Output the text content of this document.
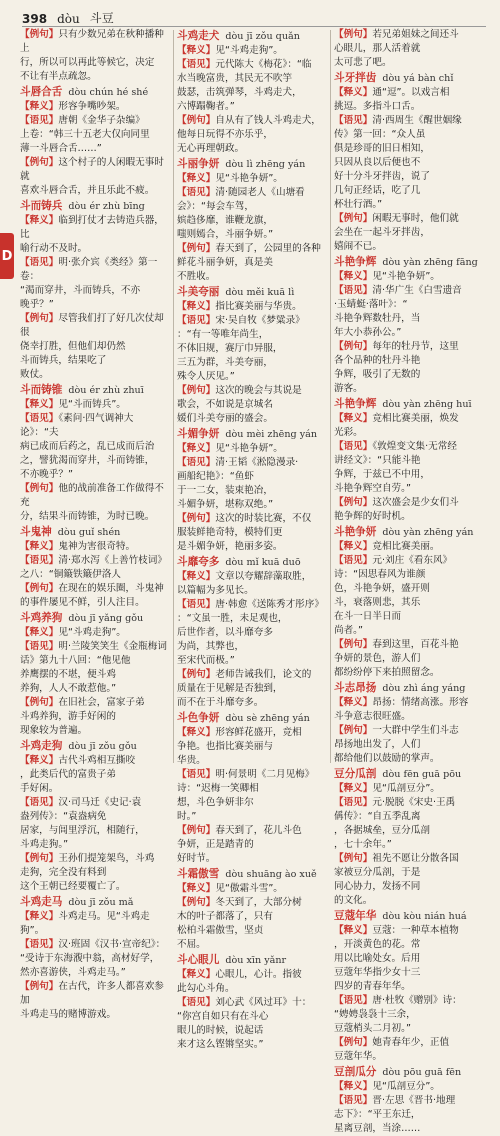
398 dòu 斗豆
D
【例句】只有少数兄弟在秋种播种上
行，所以可以再此等候它，决定
不让有半点疏忽。
斗唇合舌 dòu chún hé shé
【释义】形容争嘴吵架。
【语见】唐朝《金华子杂编》
上卷：“韩三十五老大仅向同里
薄一斗唇合舌……”
【例句】这个村子的人闲暇无事时就
喜欢斗唇合舌，并且乐此不疲。
斗而铸兵 dòu ér zhù bīng
【释义】临到打仗才去铸造兵器，比
喻行动不及时。
【语见】明·张介宾《类经》第一卷：
“渴而穿井，斗而铸兵，不亦
晚乎？”
【例句】尽管我们打了好几次仗却很
侥幸打胜，但他们却仍然
斗而铸兵，结果吃了
败仗。
斗而铸锥 dòu ér zhù zhuī
【释义】见“斗而铸兵”。
【语见】《素问·四气调神大论》：“夫
病已成而后药之，乱已成而后治
之，譬犹渴而穿井，斗而铸锥，
不亦晚乎？”
【例句】他的战前准备工作做得不充
分，结果斗而铸锥，为时已晚。
斗鬼神 dòu guǐ shén
【释义】鬼神为害很奇特。
【语见】清·郑水泻《上善竹枝词》
之八：“铜簸铁簸伊洛人
【例句】在现在的娱乐圈，斗鬼神
的事件屡见不鲜，引人注目。
斗鸡养狗 dòu jī yǎng gǒu
【释义】见“斗鸡走狗”。
【语见】明·兰陵笑笑生《金瓶梅词
话》第九十八回：“他见他
养鹰摆的不堪，便斗鸡
养狗，人人不敢惹他。”
【例句】在旧社会，富家子弟
斗鸡养狗，游手好闲的
现象较为普遍。
斗鸡走狗 dòu jī zǒu gǒu
【释义】古代斗鸡相互撕咬
，此类后代的富贵子弟
手好闲。
【语见】汉·司马迁《史记·袁
盎列传》：“袁盎病免
居家，与闾里浮沉，相随行，
斗鸡走狗。”
【例句】王孙们提笼架鸟，斗鸡
走狗，完全没有料到
这个王朝已经要覆亡了。
斗鸡走马 dòu jī zǒu mǎ
【释义】斗鸡走马。见“斗鸡走
狗”。
【语见】汉·班固《汉书·宣帝纪》：
“受诗于东海澓中翁，高材好学，
然亦喜游侠，斗鸡走马。”
【例句】在古代，许多人都喜欢参加
斗鸡走马的赌博游戏。
斗鸡走犬 dòu jī zǒu quǎn
【释义】见“斗鸡走狗”。
【语见】元代陈大《梅花》：“临
水当晚富贵，其民无不吹竽
鼓瑟，击筑弹琴，斗鸡走犬，
六博蹋鞠者。”
【例句】自从有了钱人斗鸡走犬，
他每日玩得不亦乐乎，
无心再理朝政。
斗丽争妍 dòu lì zhēng yán
【释义】见“斗艳争妍”。
【语见】清·随园老人《山塘看
会》：“每会车驾，
嫔趋侈靡，谁鞭龙旗，
嗤则嫣合，斗丽争妍。”
【例句】春天到了，公园里的各种
鲜花斗丽争妍，真是美
不胜收。
斗美夸丽 dòu měi kuā lì
【释义】指比赛美丽与华贵。
【语见】宋·吴自牧《梦粱录》
：“有一等唯年尚生，
不体旧规，赛厅巾异服，
三五为群，斗美夸丽，
殊令人厌见。”
【例句】这次的晚会与其说是
歌会，不如说是京城名
媛们斗美夸丽的盛会。
斗媚争妍 dòu mèi zhēng yán
【释义】见“斗艳争妍”。
【语见】清·王韬《淞隐漫录·
画船纪艳》：“鱼虾
于一二女，装束艳冶，
斗媚争妍，堪称双绝。”
【例句】这次的时装比赛，不仅
服装鲜艳奇特，模特们更
是斗媚争妍，艳丽多姿。
斗靡夸多 dòu mǐ kuā duō
【释义】文章以夸耀辞藻取胜，
以篇幅为多见长。
【语见】唐·韩愈《送陈秀才彤序》
：“文虽一胜，未足观也，
后世作者，以斗靡夸多
为尚，其弊也，
至宋代而极。”
【例句】老师告诫我们，论文的
质量在于见解是否独到，
而不在于斗靡夸多。
斗色争妍 dòu sè zhēng yán
【释义】形容鲜花盛开，竞相
争艳。也指比赛美丽与
华贵。
【语见】明·何景明《二月见梅》
诗：“迟梅一笑卿相
想，斗色争妍非尔
时。”
【例句】春天到了，花儿斗色
争妍，正是踏青的
好时节。
斗霜傲雪 dòu shuāng ào xuě
【释义】见“傲霜斗雪”。
【例句】冬天到了，大部分树
木的叶子都落了，只有
松柏斗霜傲雪，坚贞
不屈。
斗心眼儿 dòu xīn yǎnr
【释义】心眼儿，心计。指彼
此勾心斗角。
【语见】刘心武《风过耳》十：
“你宫自如只有在斗心
眼儿的时候，说起话
来才这么铿锵坚实。”
【例句】若兄弟姐妹之间还斗
心眼儿，那人活着就
太可悲了吧。
斗牙拌齿 dòu yá bàn chǐ
【释义】通“逗”。以戏言相
挑逗。多指斗口舌。
【语见】清·西周生《醒世姻缘
传》第一回：“众人虽
俱是珍哥的旧日相知，
只因从良以后便也不
好十分斗牙拌齿，说了
几句正经话，吃了几
杯壮行酒。”
【例句】闲暇无事时，他们就
会坐在一起斗牙拌齿，
嬉闹不已。
斗艳争辉 dòu yàn zhēng fāng
【释义】见“斗艳争妍”。
【语见】清·华广生《白雪遗音
·玉蜻蜓·落叶》：“
斗艳争辉数牡丹，当
年大小恭孙公。”
【例句】每年的牡丹节，这里
各个品种的牡丹斗艳
争辉，吸引了无数的
游客。
斗艳争辉 dòu yàn zhēng huī
【释义】竞相比赛美丽，焕发
光彩。
【语见】《敦煌变文集·无常经
讲经文》：“只能斗艳
争辉，于兹已不中用，
斗艳争辉空自劳。”
【例句】这次盛会是少女们斗
艳争辉的好时机。
斗艳争妍 dòu yàn zhēng yán
【释义】竞相比赛美丽。
【语见】元·刘庄《看东风》
诗：“因思春风为谁颜
色，斗艳争妍，盛开则
斗，衰落则悲，其乐
在斗一日半日而
尚者。”
【例句】春到这里，百花斗艳
争妍的景色，游人们
都纷纷停下来拍照留念。
斗志昂扬 dòu zhì áng yáng
【释义】昂扬：情绪高涨。形容
斗争意志很旺盛。
【例句】一大群中学生们斗志
昂扬地出发了，人们
都给他们以鼓励的掌声。
豆分瓜剖 dòu fēn guā pōu
【释义】见“瓜剖豆分”。
【语见】元·脱脱《宋史·王禹
偁传》：“自五季乱离
，各据城垒，豆分瓜剖
，七十余年。”
【例句】祖先不愿让分散各国
家被豆分瓜剖，于是
同心协力，发扬不同
的文化。
豆蔻年华 dòu kòu nián huá
【释义】豆蔻：一种草本植物
，开淡黄色的花。常
用以比喻处女。后用
豆蔻年华指少女十三
四岁的青春年华。
【语见】唐·杜牧《赠别》诗：
“娉娉袅袅十三余，
豆蔻梢头二月初。”
【例句】她青春年少，正值
豆蔻年华。
豆剖瓜分 dòu pōu guā fēn
【释义】见“瓜剖豆分”。
【语见】晋·左思《晋书·地理
志下》：“平王东迁，
星离豆剖，当涂……
